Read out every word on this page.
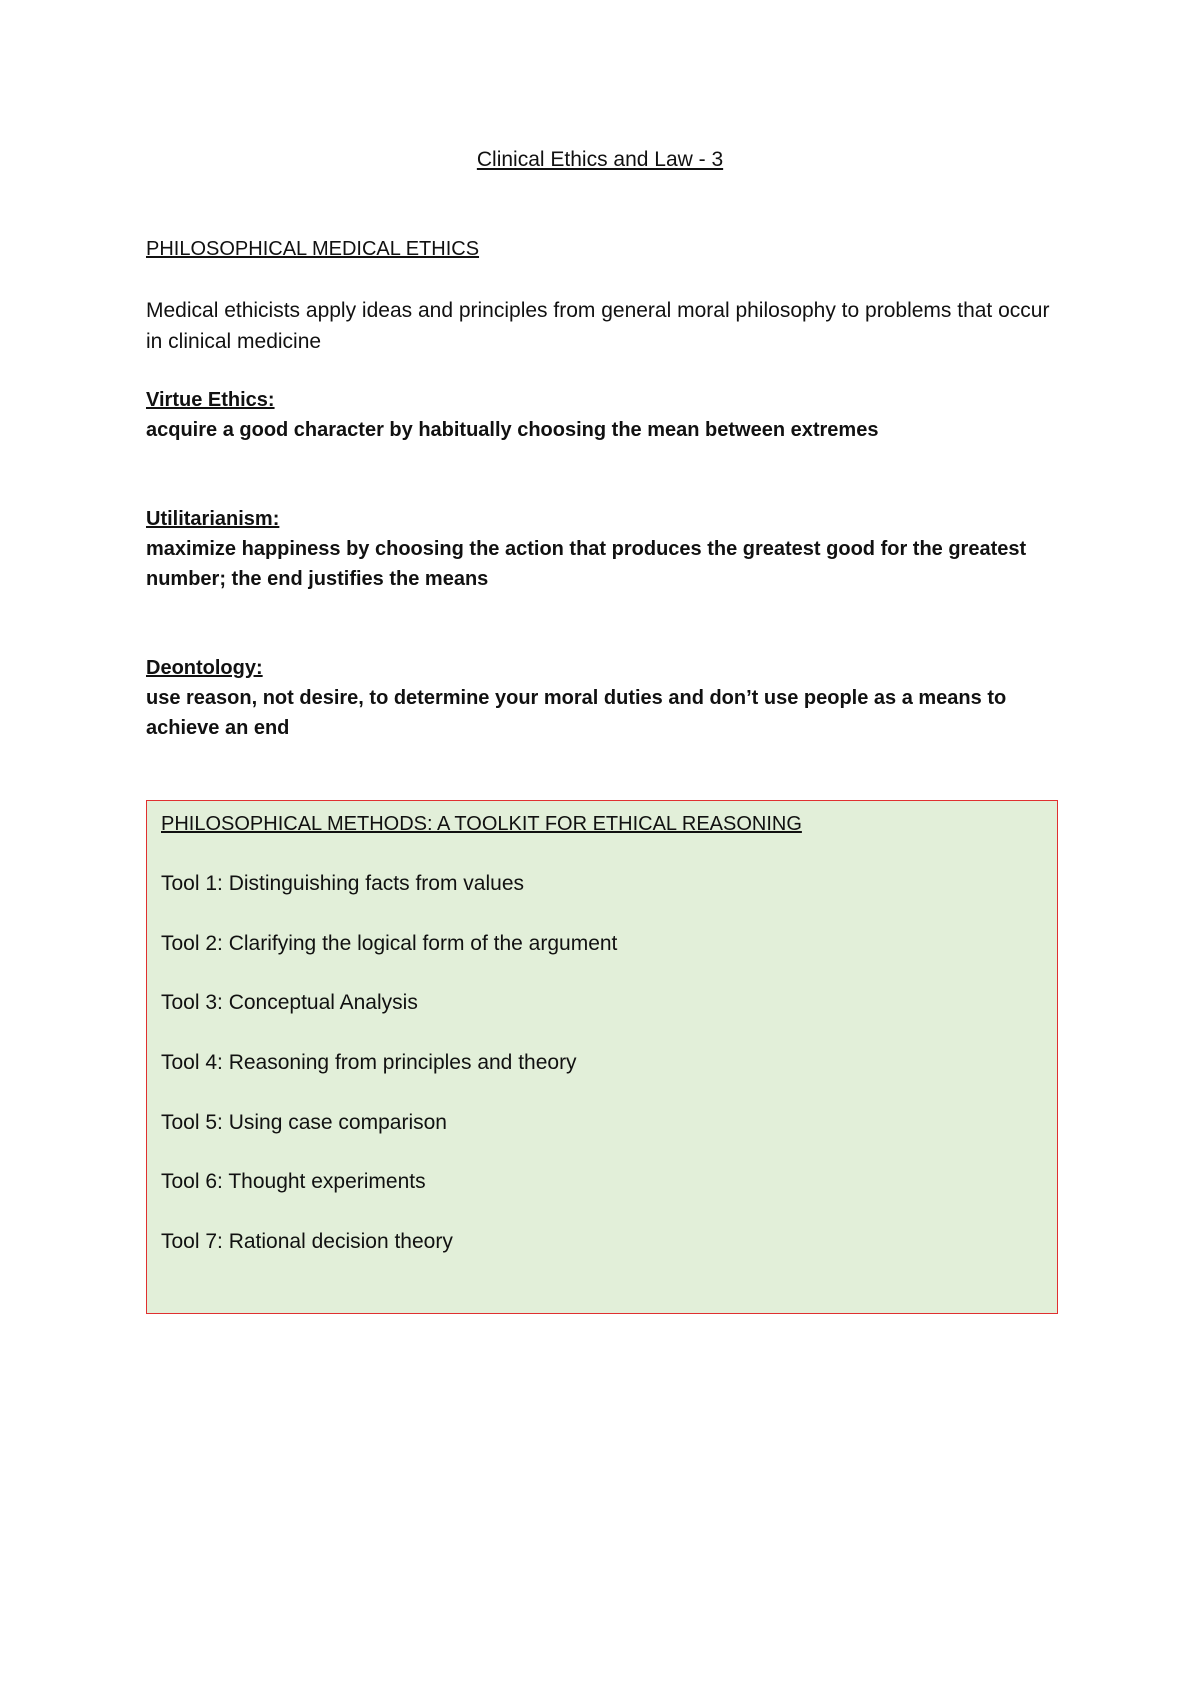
Clinical Ethics and Law - 3
PHILOSOPHICAL MEDICAL ETHICS
Medical ethicists apply ideas and principles from general moral philosophy to problems that occur in clinical medicine
Virtue Ethics:
acquire a good character by habitually choosing the mean between extremes
Utilitarianism:
maximize happiness by choosing the action that produces the greatest good for the greatest number; the end justifies the means
Deontology:
use reason, not desire, to determine your moral duties and don’t use people as a means to achieve an end
PHILOSOPHICAL METHODS: A TOOLKIT FOR ETHICAL REASONING
Tool 1: Distinguishing facts from values
Tool 2: Clarifying the logical form of the argument
Tool 3: Conceptual Analysis
Tool 4: Reasoning from principles and theory
Tool 5: Using case comparison
Tool 6: Thought experiments
Tool 7: Rational decision theory
